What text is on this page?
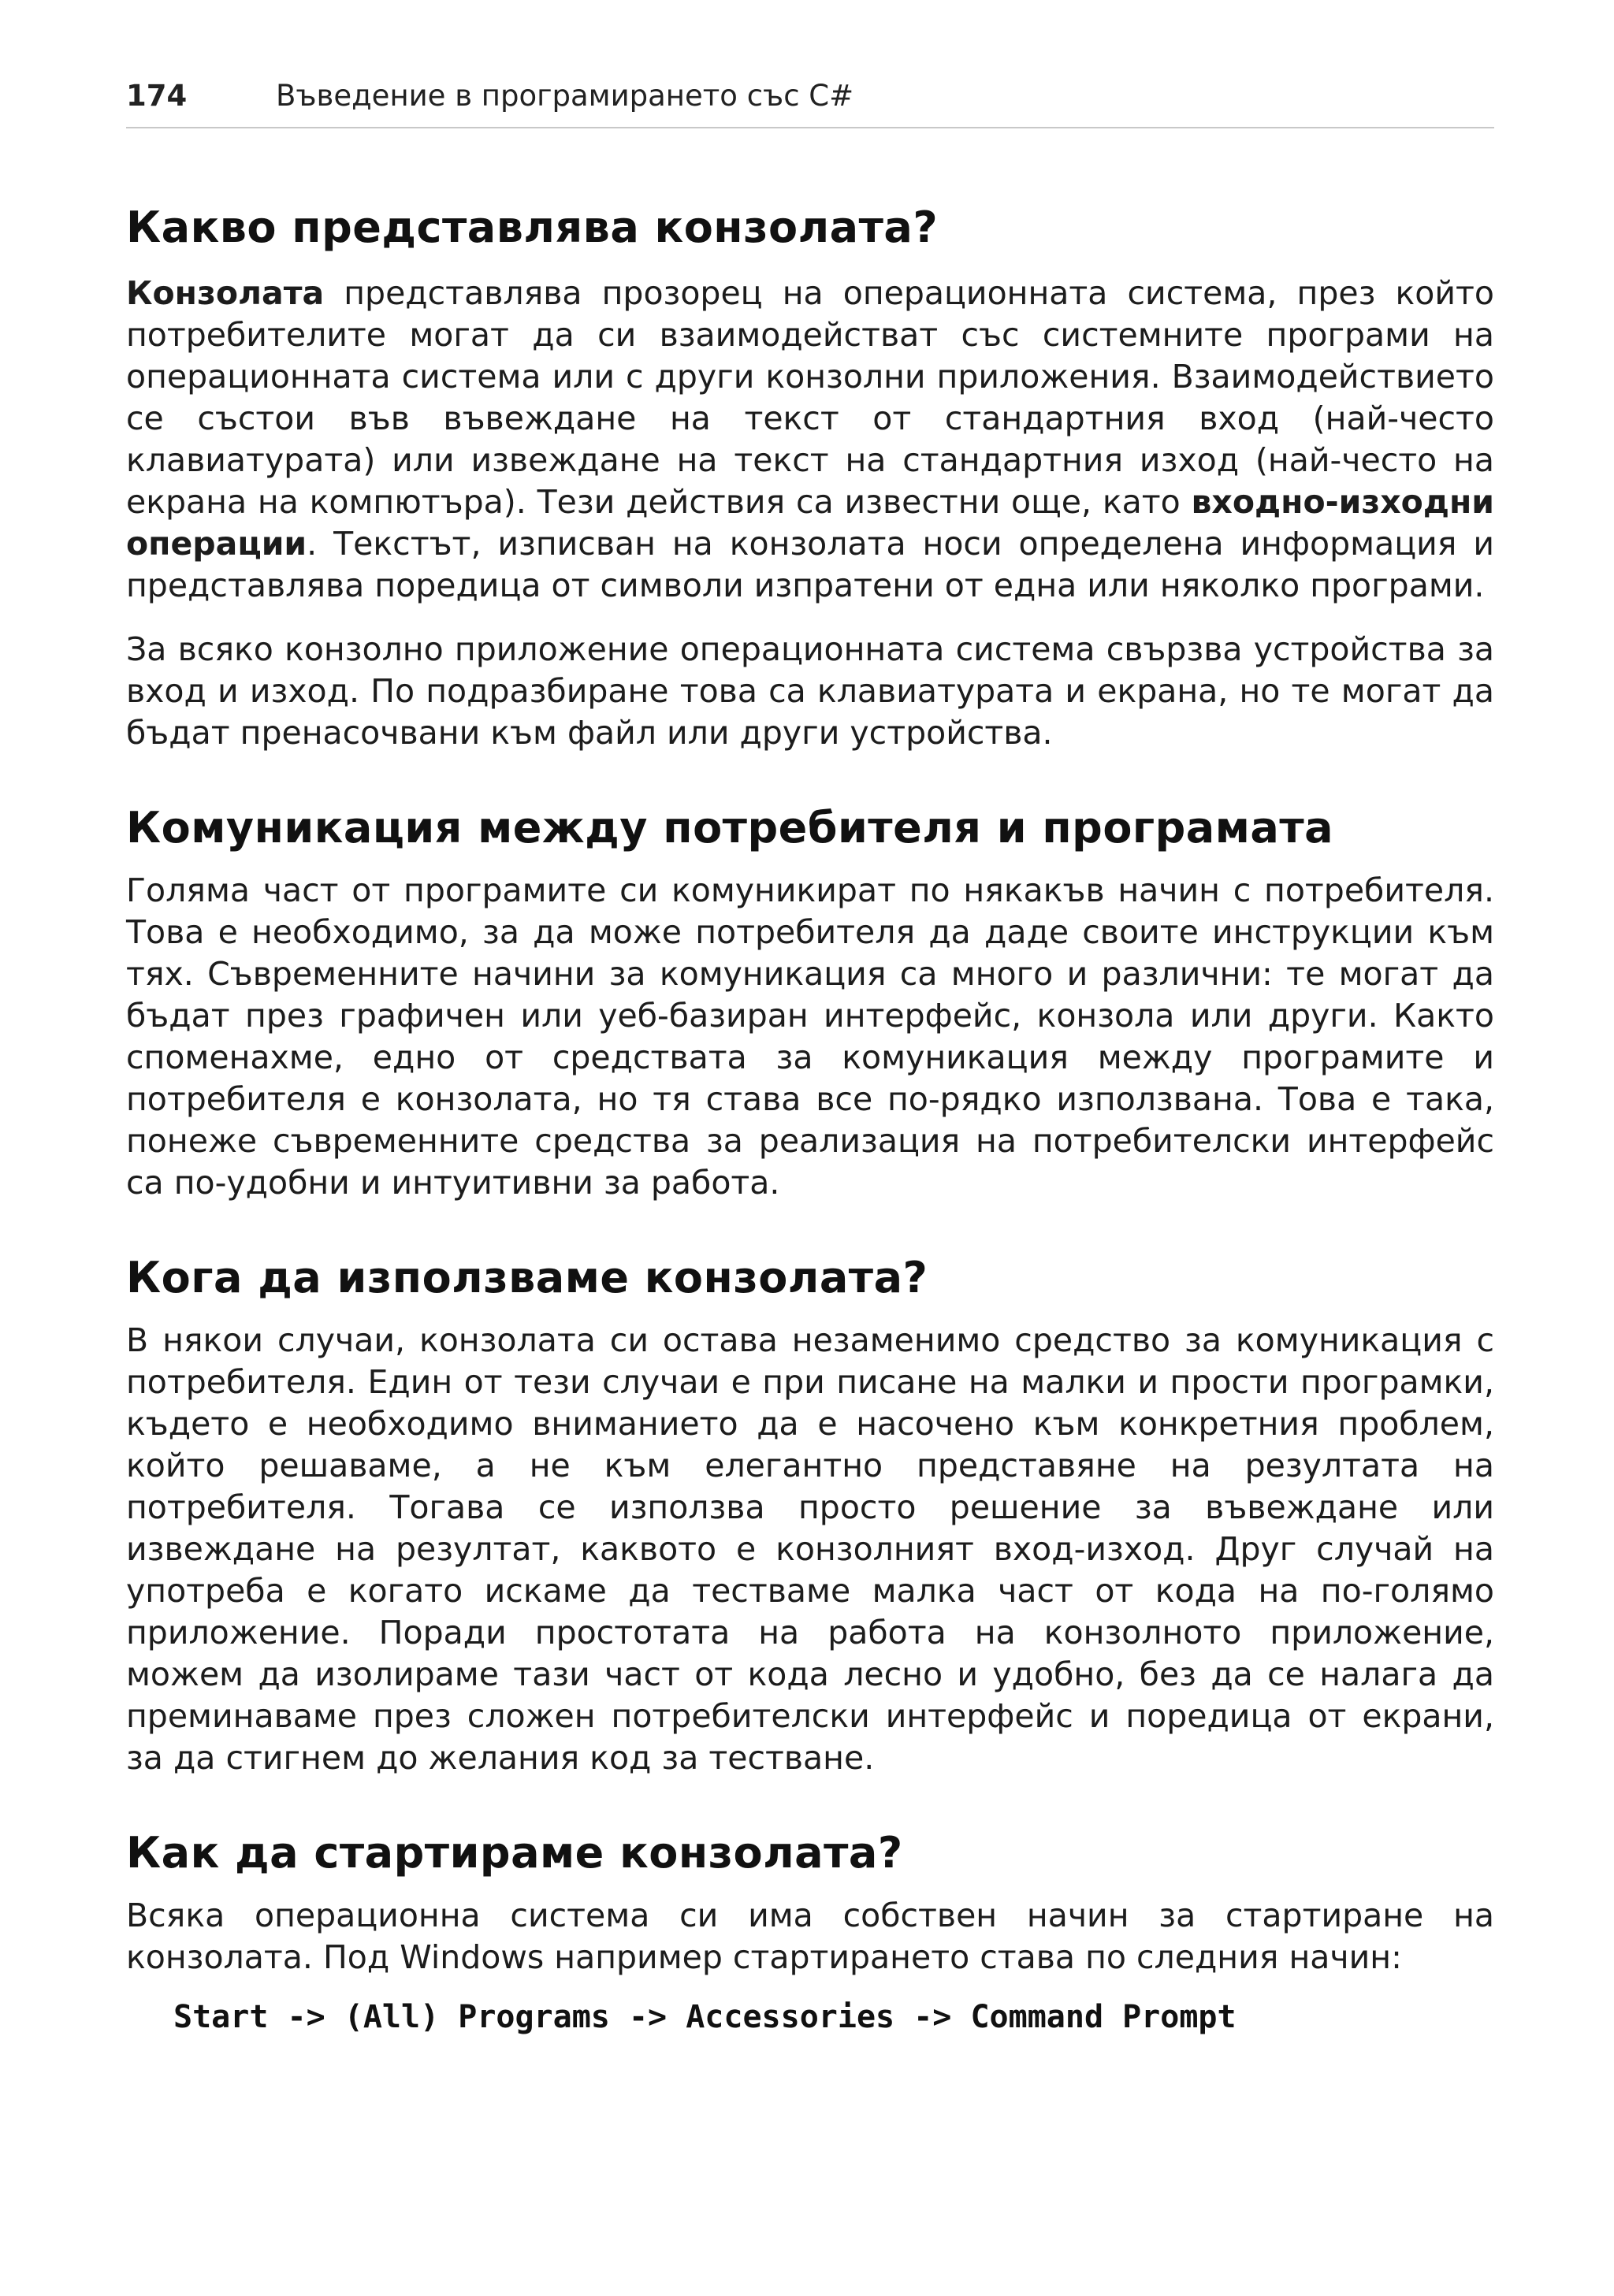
174	Въведение в програмирането със C#
Какво представлява конзолата?

Конзолата представлява прозорец на операционната система, през който потребителите могат да си взаимодействат със системните програми на операционната система или с други конзолни приложения. Взаимодействието се състои във въвеждане на текст от стандартния вход (най-често клавиатурата) или извеждане на текст на стандартния изход (най-често на екрана на компютъра). Тези действия са известни още, като входно-изходни операции. Текстът, изписван на конзолата носи определена информация и представлява поредица от символи изпратени от една или няколко програми.

За всяко конзолно приложение операционната система свързва устройства за вход и изход. По подразбиране това са клавиатурата и екрана, но те могат да бъдат пренасочвани към файл или други устройства.

Комуникация между потребителя и програмата

Голяма част от програмите си комуникират по някакъв начин с потребителя. Това е необходимо, за да може потребителя да даде своите инструкции към тях. Съвременните начини за комуникация са много и различни: те могат да бъдат през графичен или уеб-базиран интерфейс, конзола или други. Както споменахме, едно от средствата за комуникация между програмите и потребителя е конзолата, но тя става все по-рядко използвана. Това е така, понеже съвременните средства за реализация на потребителски интерфейс са по-удобни и интуитивни за работа.

Кога да използваме конзолата?

В някои случаи, конзолата си остава незаменимо средство за комуникация с потребителя. Един от тези случаи е при писане на малки и прости програмки, където е необходимо вниманието да е насочено към конкретния проблем, който решаваме, а не към елегантно представяне на резултата на потребителя. Тогава се използва просто решение за въвеждане или извеждане на резултат, каквото е конзолният вход-изход. Друг случай на употреба е когато искаме да тестваме малка част от кода на по-голямо приложение. Поради простотата на работа на конзолното приложение, можем да изолираме тази част от кода лесно и удобно, без да се налага да преминаваме през сложен потребителски интерфейс и поредица от екрани, за да стигнем до желания код за тестване.

Как да стартираме конзолата?

Всяка операционна система си има собствен начин за стартиране на конзолата. Под Windows например стартирането става по следния начин:

Start -> (All) Programs -> Accessories -> Command Prompt
